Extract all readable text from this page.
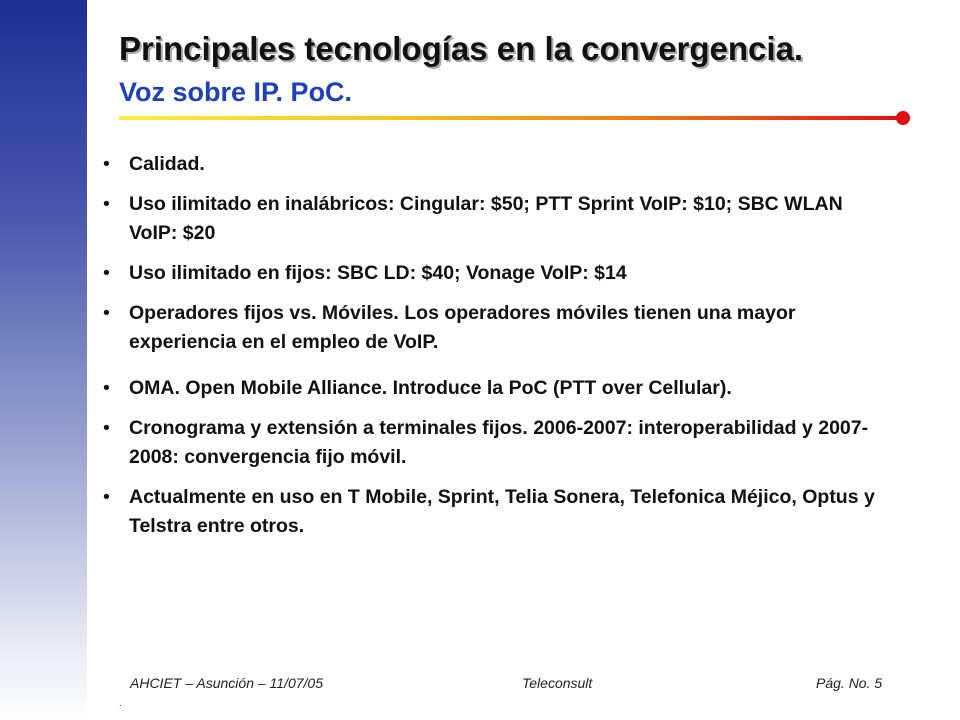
Principales tecnologías en la convergencia.
Voz sobre IP. PoC.
• Calidad.
• Uso ilimitado en inalábricos: Cingular: $50; PTT Sprint VoIP: $10; SBC WLAN VoIP: $20
• Uso ilimitado en fijos: SBC LD: $40; Vonage VoIP: $14
• Operadores fijos vs. Móviles. Los operadores móviles tienen una mayor experiencia en el empleo de VoIP.
• OMA. Open Mobile Alliance. Introduce la PoC (PTT over Cellular).
• Cronograma y extensión a terminales fijos. 2006-2007: interoperabilidad y 2007-2008: convergencia fijo móvil.
• Actualmente en uso en T Mobile, Sprint, Telia Sonera, Telefonica Méjico, Optus y Telstra entre otros.
AHCIET – Asunción – 11/07/05	Teleconsult	Pág. No. 5
.
